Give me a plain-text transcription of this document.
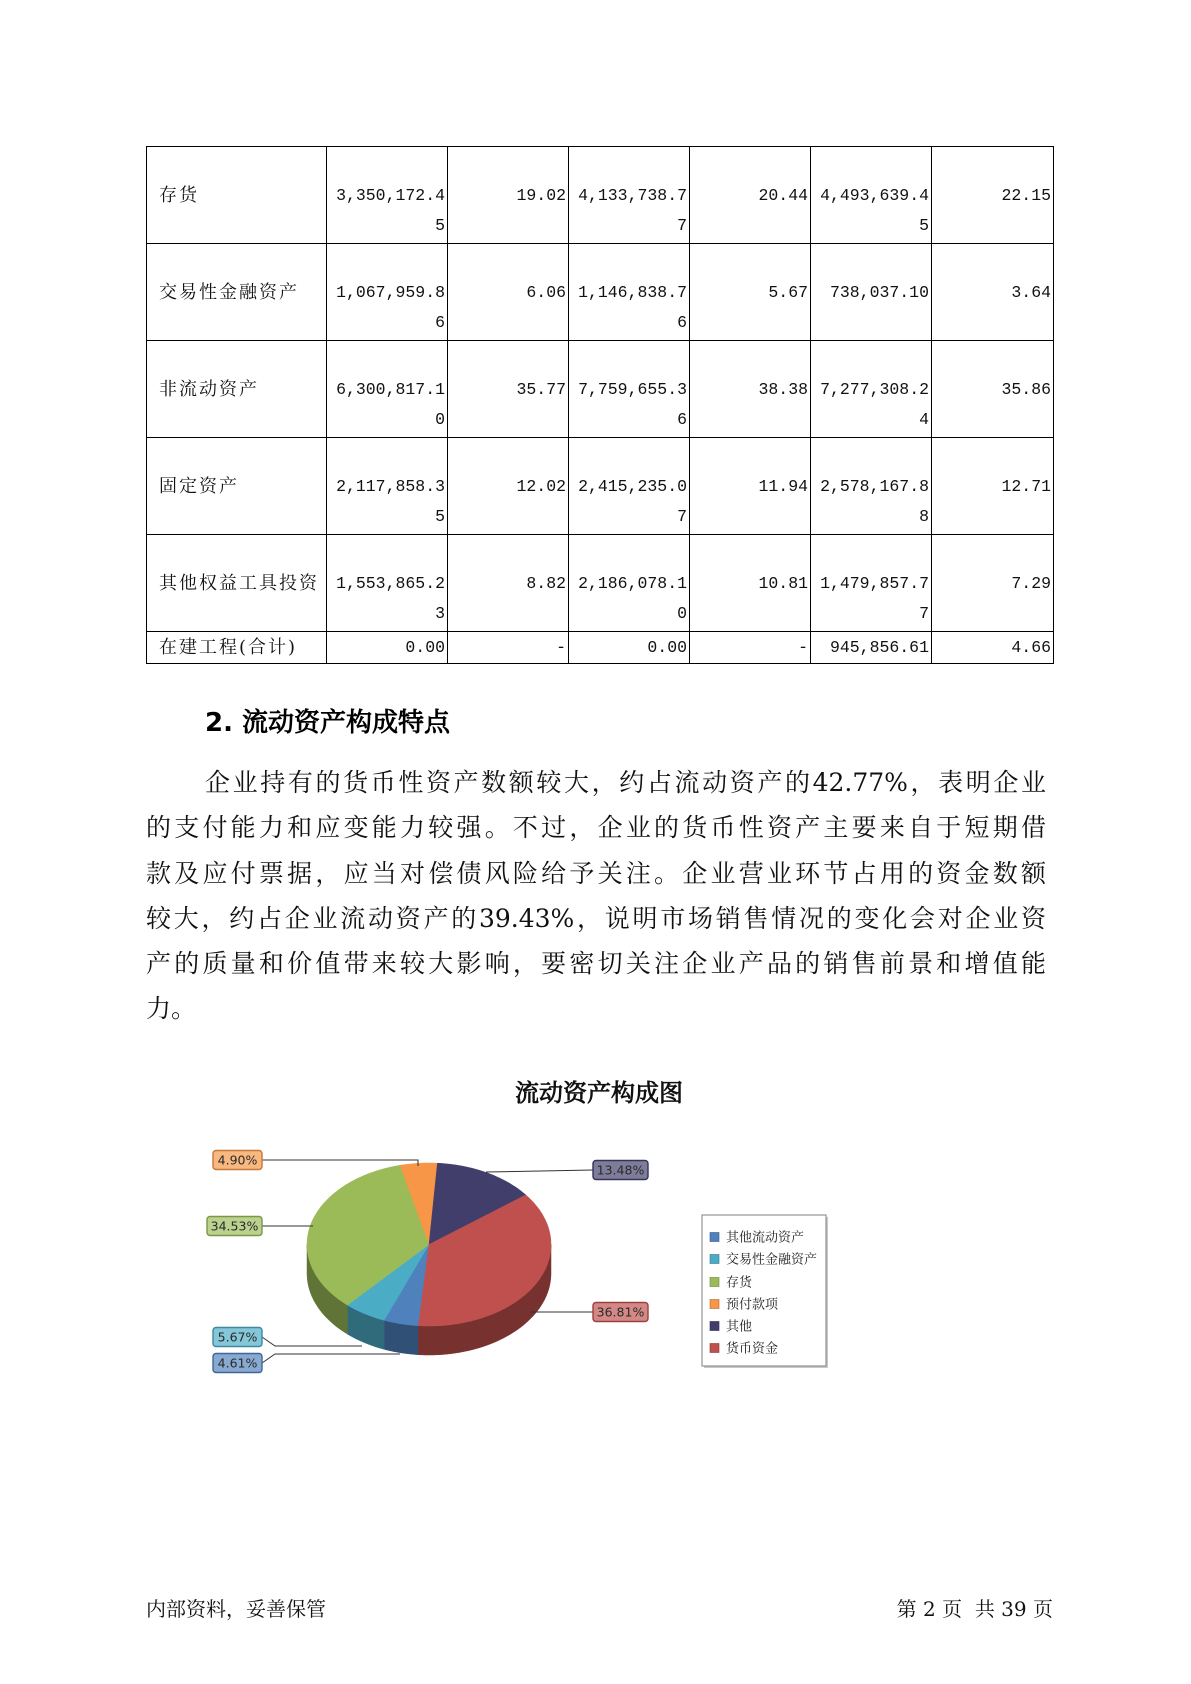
存货	3,350,172.45	19.02	4,133,738.77	20.44	4,493,639.45	22.15
交易性金融资产	1,067,959.86	6.06	1,146,838.76	5.67	738,037.10	3.64
非流动资产	6,300,817.10	35.77	7,759,655.36	38.38	7,277,308.24	35.86
固定资产	2,117,858.35	12.02	2,415,235.07	11.94	2,578,167.88	12.71
其他权益工具投资	1,553,865.23	8.82	2,186,078.10	10.81	1,479,857.77	7.29
在建工程(合计)	0.00	-	0.00	-	945,856.61	4.66
2. 流动资产构成特点
企业持有的货币性资产数额较大，约占流动资产的42.77%，表明企业
的支付能力和应变能力较强。不过，企业的货币性资产主要来自于短期借
款及应付票据，应当对偿债风险给予关注。企业营业环节占用的资金数额
较大，约占企业流动资产的39.43%，说明市场销售情况的变化会对企业资
产的质量和价值带来较大影响，要密切关注企业产品的销售前景和增值能
力。
流动资产构成图
4.61%
5.67%
34.53%
4.90%
13.48%
36.81%
其他流动资产
交易性金融资产
存货
预付款项
其他
货币资金
内部资料，妥善保管	第 2 页  共 39 页
